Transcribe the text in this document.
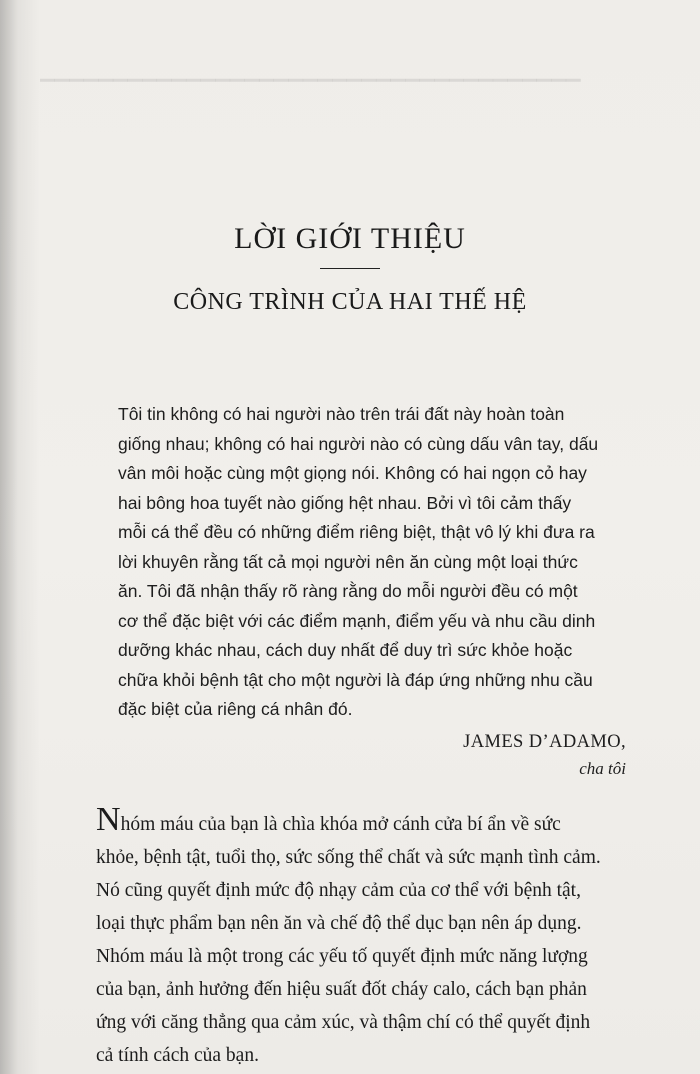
▁▁▁▁▁▁▁▁▁▁▁▁▁▁▁▁▁▁▁▁▁▁▁▁▁▁▁▁▁▁▁▁▁▁▁▁▁
LỜI GIỚI THIỆU
CÔNG TRÌNH CỦA HAI THẾ HỆ

Tôi tin không có hai người nào trên trái đất này hoàn toàn
giống nhau; không có hai người nào có cùng dấu vân tay, dấu
vân môi hoặc cùng một giọng nói. Không có hai ngọn cỏ hay
hai bông hoa tuyết nào giống hệt nhau. Bởi vì tôi cảm thấy
mỗi cá thể đều có những điểm riêng biệt, thật vô lý khi đưa ra
lời khuyên rằng tất cả mọi người nên ăn cùng một loại thức
ăn. Tôi đã nhận thấy rõ ràng rằng do mỗi người đều có một
cơ thể đặc biệt với các điểm mạnh, điểm yếu và nhu cầu dinh
dưỡng khác nhau, cách duy nhất để duy trì sức khỏe hoặc
chữa khỏi bệnh tật cho một người là đáp ứng những nhu cầu
đặc biệt của riêng cá nhân đó.

JAMES D’ADAMO,
cha tôi
Nhóm máu của bạn là chìa khóa mở cánh cửa bí ẩn về sức
khỏe, bệnh tật, tuổi thọ, sức sống thể chất và sức mạnh tình cảm.
Nó cũng quyết định mức độ nhạy cảm của cơ thể với bệnh tật,
loại thực phẩm bạn nên ăn và chế độ thể dục bạn nên áp dụng.
Nhóm máu là một trong các yếu tố quyết định mức năng lượng
của bạn, ảnh hưởng đến hiệu suất đốt cháy calo, cách bạn phản
ứng với căng thẳng qua cảm xúc, và thậm chí có thể quyết định
cả tính cách của bạn.
